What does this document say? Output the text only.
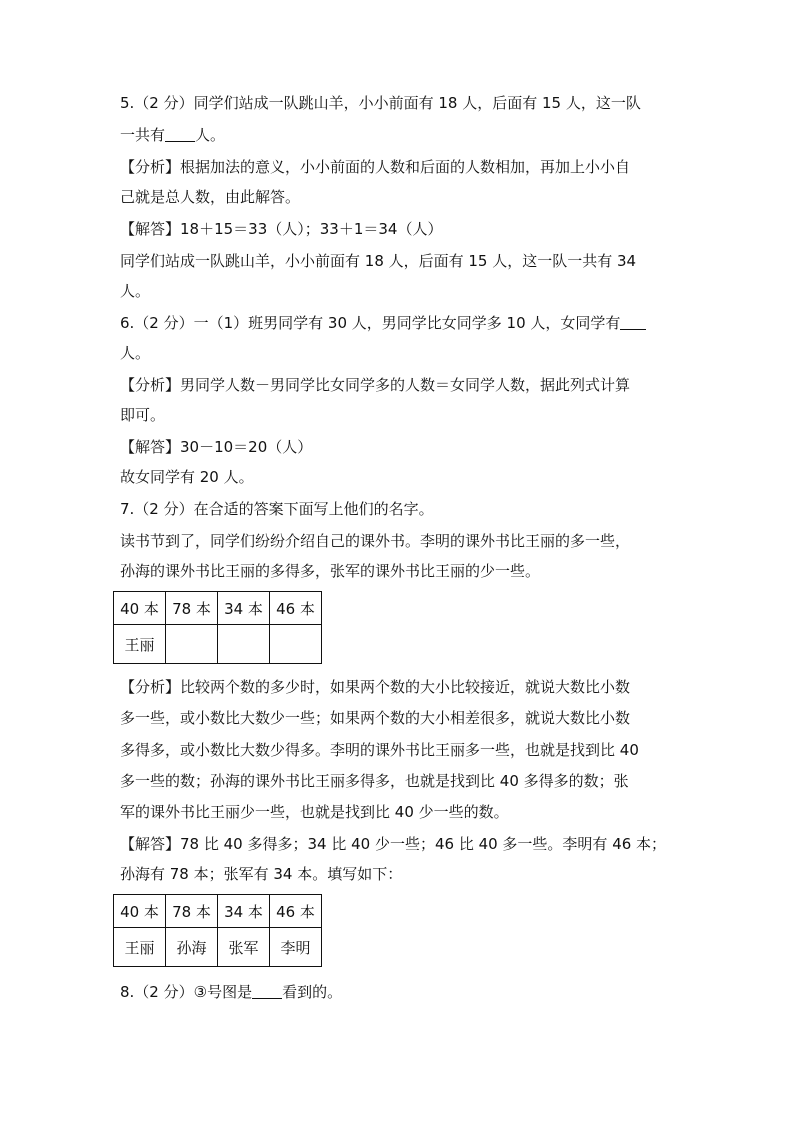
5.（2 分）同学们站成一队跳山羊，小小前面有 18 人，后面有 15 人，这一队
一共有 人。
【分析】根据加法的意义，小小前面的人数和后面的人数相加，再加上小小自
己就是总人数，由此解答。
【解答】18＋15＝33（人）；33＋1＝34（人）
同学们站成一队跳山羊，小小前面有 18 人，后面有 15 人，这一队一共有 34
人。
6.（2 分）一（1）班男同学有 30 人，男同学比女同学多 10 人，女同学有
人。
【分析】男同学人数－男同学比女同学多的人数＝女同学人数，据此列式计算
即可。
【解答】30－10＝20（人）
故女同学有 20 人。
7.（2 分）在合适的答案下面写上他们的名字。
读书节到了，同学们纷纷介绍自己的课外书。李明的课外书比王丽的多一些，
孙海的课外书比王丽的多得多，张军的课外书比王丽的少一些。
40 本	78 本	34 本	46 本
王丽			
【分析】比较两个数的多少时，如果两个数的大小比较接近，就说大数比小数
多一些，或小数比大数少一些；如果两个数的大小相差很多，就说大数比小数
多得多，或小数比大数少得多。李明的课外书比王丽多一些，也就是找到比 40
多一些的数；孙海的课外书比王丽多得多，也就是找到比 40 多得多的数；张
军的课外书比王丽少一些，也就是找到比 40 少一些的数。
【解答】78 比 40 多得多；34 比 40 少一些；46 比 40 多一些。李明有 46 本；
孙海有 78 本；张军有 34 本。填写如下：
40 本	78 本	34 本	46 本
王丽	孙海	张军	李明
8.（2 分）③号图是 看到的。
